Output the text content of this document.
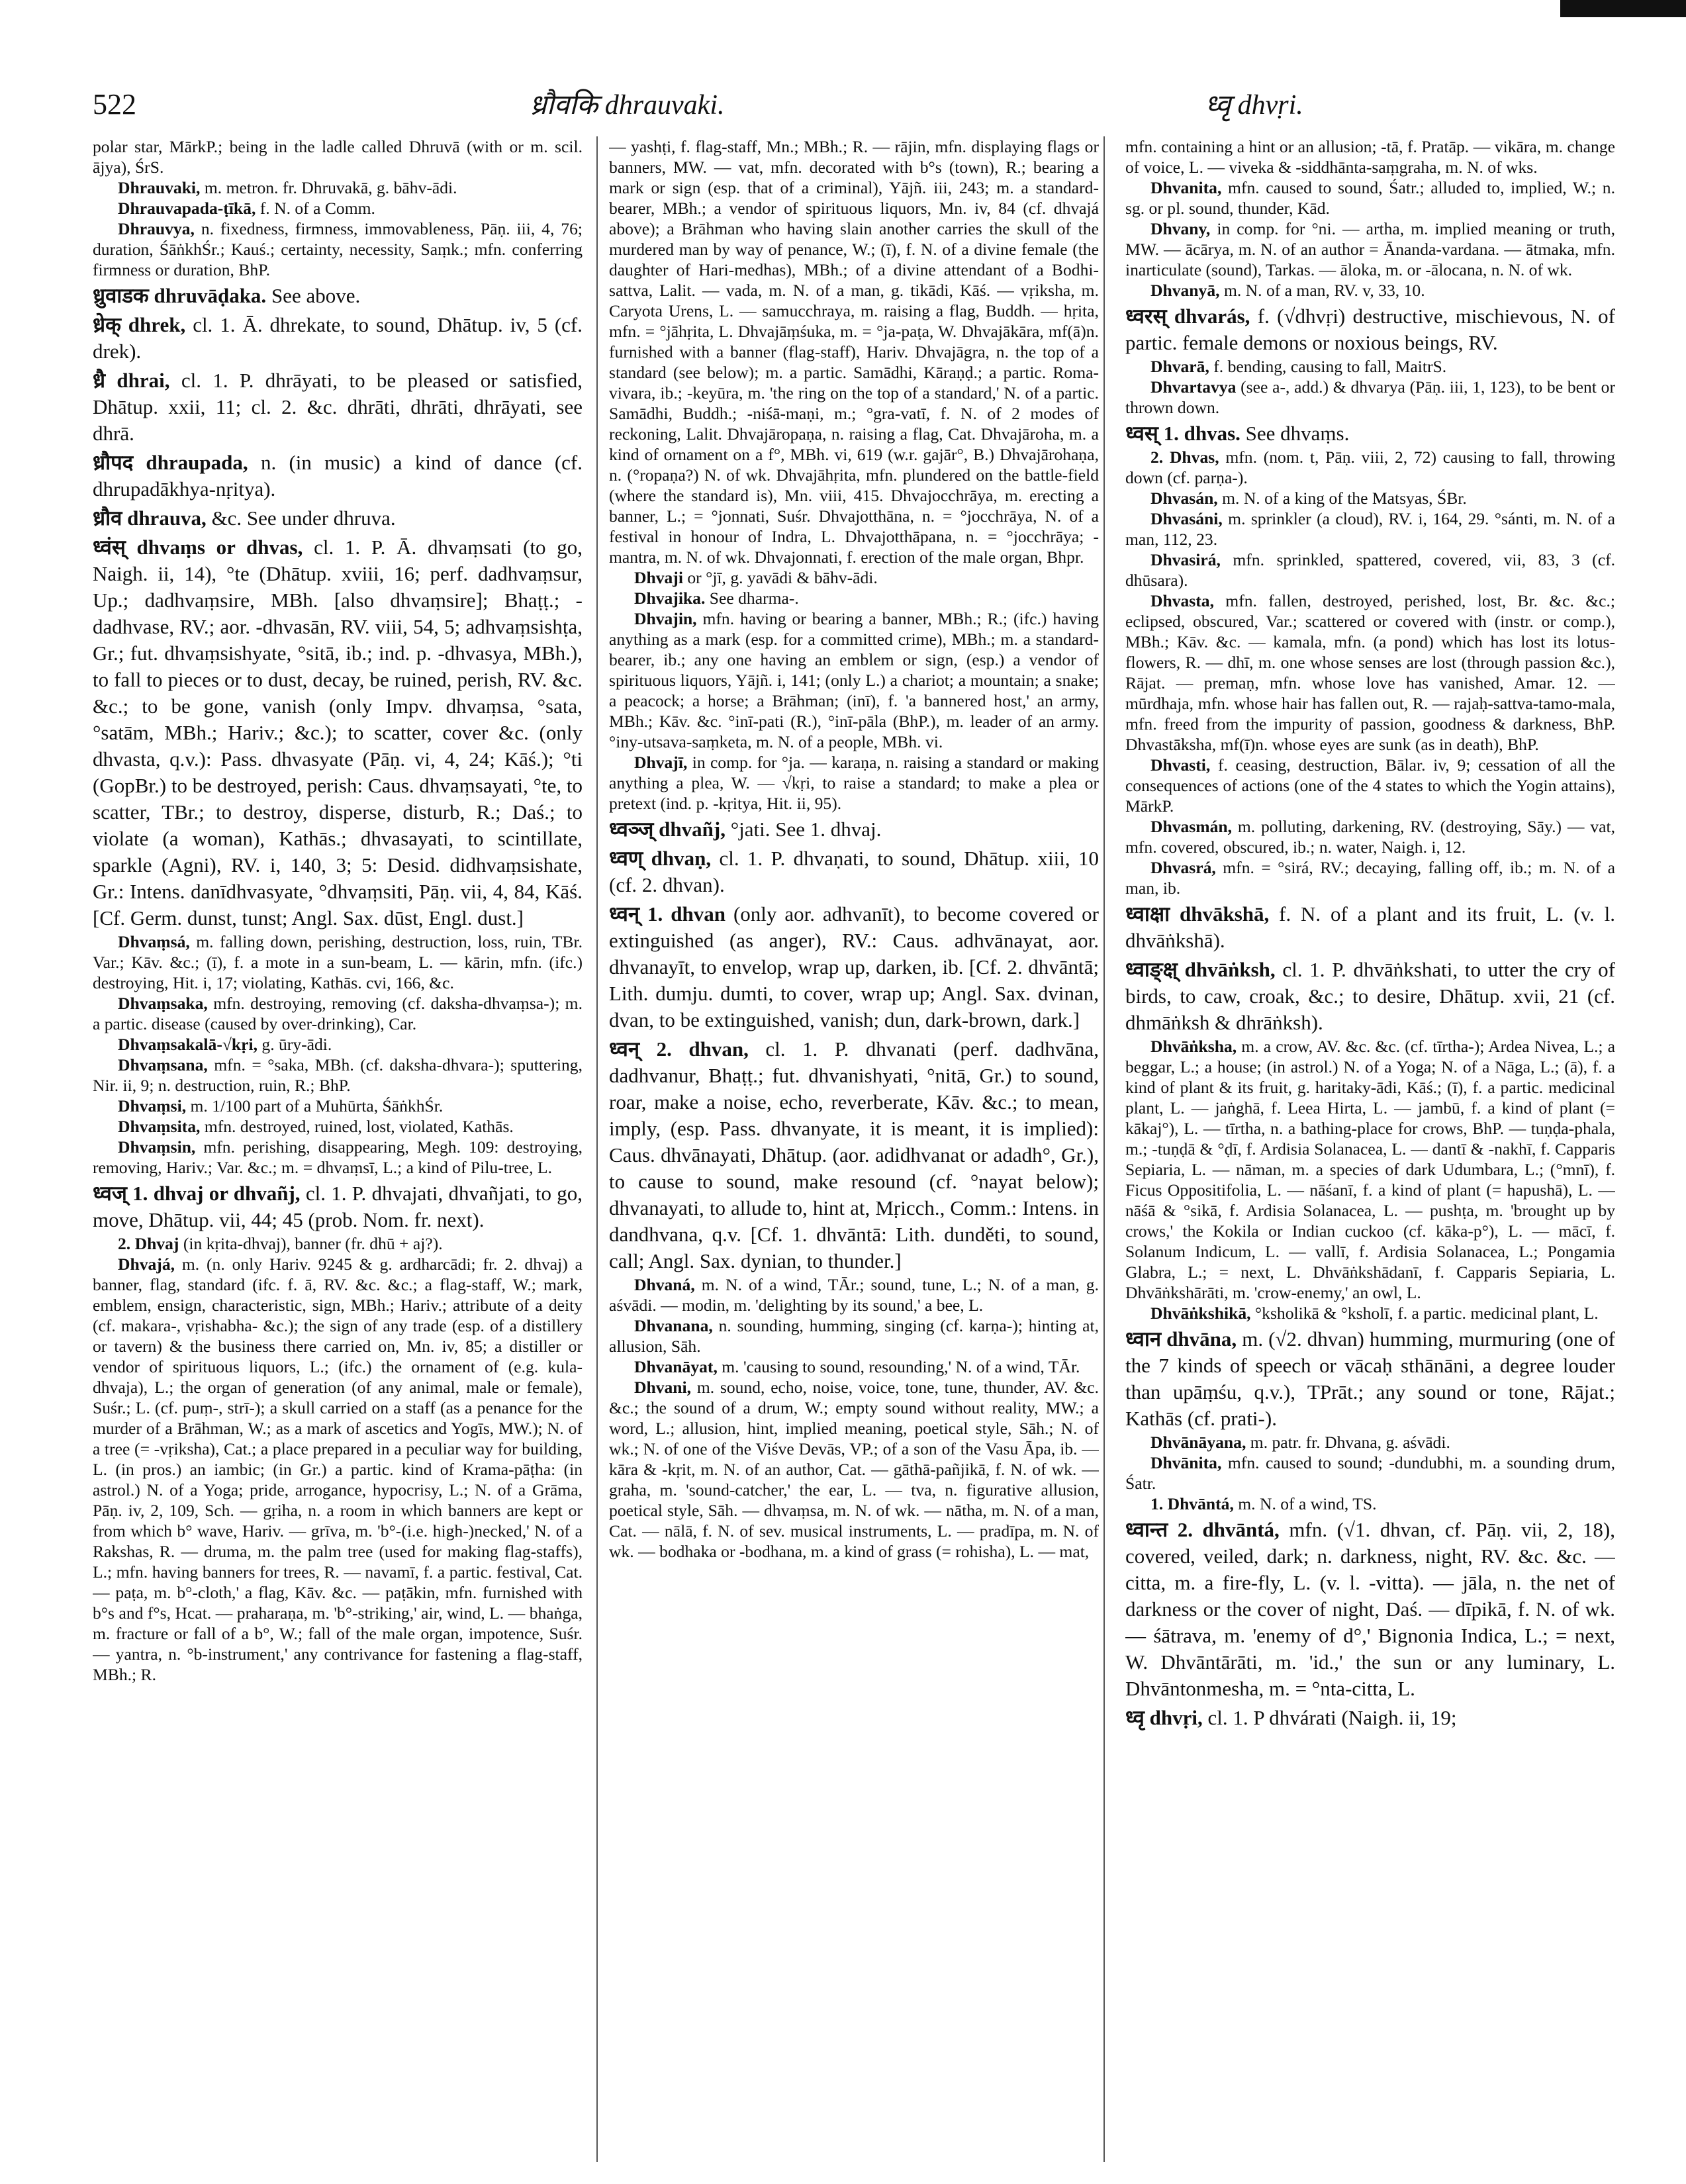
522	ध्रौवकि dhrauvaki.	ध्वृ dhvṛi.

polar star, MārkP.; being in the ladle called Dhruvā (with or m. scil. ājya), ŚrS.

Dhrauvaki, m. metron. fr. Dhruvakā, g. bāhv-ādi.

Dhrauvapada-ṭīkā, f. N. of a Comm.

Dhrauvya, n. fixedness, firmness, immovableness, Pāṇ. iii, 4, 76; duration, ŚāṅkhŚr.; Kauś.; certainty, necessity, Saṃk.; mfn. conferring firmness or duration, BhP.

ध्रुवाडक dhruvāḍaka. See above.

ध्रेक् dhrek, cl. 1. Ā. dhrekate, to sound, Dhātup. iv, 5 (cf. drek).

ध्रै dhrai, cl. 1. P. dhrāyati, to be pleased or satisfied, Dhātup. xxii, 11; cl. 2. &c. dhrāti, dhrāti, dhrāyati, see dhrā.

ध्रौपद dhraupada, n. (in music) a kind of dance (cf. dhrupadākhya-nṛitya).

ध्रौव dhrauva, &c. See under dhruva.

ध्वंस् dhvaṃs or dhvas, cl. 1. P. Ā. dhvaṃsati (to go, Naigh. ii, 14), °te (Dhātup. xviii, 16; perf. dadhvaṃsur, Up.; dadhvaṃsire, MBh. [also dhvaṃsire]; Bhaṭṭ.; -dadhvase, RV.; aor. -dhvasān, RV. viii, 54, 5; adhvaṃsishṭa, Gr.; fut. dhvaṃsishyate, °sitā, ib.; ind. p. -dhvasya, MBh.), to fall to pieces or to dust, decay, be ruined, perish, RV. &c. &c.; to be gone, vanish (only Impv. dhvaṃsa, °sata, °satām, MBh.; Hariv.; &c.); to scatter, cover &c. (only dhvasta, q.v.): Pass. dhvasyate (Pāṇ. vi, 4, 24; Kāś.); °ti (GopBr.) to be destroyed, perish: Caus. dhvaṃsayati, °te, to scatter, TBr.; to destroy, disperse, disturb, R.; Daś.; to violate (a woman), Kathās.; dhvasayati, to scintillate, sparkle (Agni), RV. i, 140, 3; 5: Desid. didhvaṃsishate, Gr.: Intens. danīdhvasyate, °dhvaṃsiti, Pāṇ. vii, 4, 84, Kāś. [Cf. Germ. dunst, tunst; Angl. Sax. dūst, Engl. dust.]

Dhvaṃsá, m. falling down, perishing, destruction, loss, ruin, TBr. Var.; Kāv. &c.; (ī), f. a mote in a sun-beam, L. — kārin, mfn. (ifc.) destroying, Hit. i, 17; violating, Kathās. cvi, 166, &c.

Dhvaṃsaka, mfn. destroying, removing (cf. daksha-dhvaṃsa-); m. a partic. disease (caused by over-drinking), Car.

Dhvaṃsakalā-√kṛi, g. ūry-ādi.

Dhvaṃsana, mfn. = °saka, MBh. (cf. daksha-dhvara-); sputtering, Nir. ii, 9; n. destruction, ruin, R.; BhP.

Dhvaṃsi, m. 1/100 part of a Muhūrta, ŚāṅkhŚr.

Dhvaṃsita, mfn. destroyed, ruined, lost, violated, Kathās.

Dhvaṃsin, mfn. perishing, disappearing, Megh. 109: destroying, removing, Hariv.; Var. &c.; m. = dhvaṃsī, L.; a kind of Pilu-tree, L.

ध्वज् 1. dhvaj or dhvañj, cl. 1. P. dhvajati, dhvañjati, to go, move, Dhātup. vii, 44; 45 (prob. Nom. fr. next).

2. Dhvaj (in kṛita-dhvaj), banner (fr. dhū + aj?).

Dhvajá, m. (n. only Hariv. 9245 & g. ardharcādi; fr. 2. dhvaj) a banner, flag, standard (ifc. f. ā, RV. &c. &c.; a flag-staff, W.; mark, emblem, ensign, characteristic, sign, MBh.; Hariv.; attribute of a deity (cf. makara-, vṛishabha- &c.); the sign of any trade (esp. of a distillery or tavern) & the business there carried on, Mn. iv, 85; a distiller or vendor of spirituous liquors, L.; (ifc.) the ornament of (e.g. kula-dhvaja), L.; the organ of generation (of any animal, male or female), Suśr.; L. (cf. puṃ-, strī-); a skull carried on a staff (as a penance for the murder of a Brāhman, W.; as a mark of ascetics and Yogīs, MW.); N. of a tree (= -vṛiksha), Cat.; a place prepared in a peculiar way for building, L. (in pros.) an iambic; (in Gr.) a partic. kind of Krama-pāṭha: (in astrol.) N. of a Yoga; pride, arrogance, hypocrisy, L.; N. of a Grāma, Pāṇ. iv, 2, 109, Sch. — gṛiha, n. a room in which banners are kept or from which b° wave, Hariv. — grīva, m. 'b°-(i.e. high-)necked,' N. of a Rakshas, R. — druma, m. the palm tree (used for making flag-staffs), L.; mfn. having banners for trees, R. — navamī, f. a partic. festival, Cat. — paṭa, m. b°-cloth,' a flag, Kāv. &c. — paṭākin, mfn. furnished with b°s and f°s, Hcat. — praharaṇa, m. 'b°-striking,' air, wind, L. — bhaṅga, m. fracture or fall of a b°, W.; fall of the male organ, impotence, Suśr. — yantra, n. °b-instrument,' any contrivance for fastening a flag-staff, MBh.; R.

— yashṭi, f. flag-staff, Mn.; MBh.; R. — rājin, mfn. displaying flags or banners, MW. — vat, mfn. decorated with b°s (town), R.; bearing a mark or sign (esp. that of a criminal), Yājñ. iii, 243; m. a standard-bearer, MBh.; a vendor of spirituous liquors, Mn. iv, 84 (cf. dhvajá above); a Brāhman who having slain another carries the skull of the murdered man by way of penance, W.; (ī), f. N. of a divine female (the daughter of Hari-medhas), MBh.; of a divine attendant of a Bodhi-sattva, Lalit. — vada, m. N. of a man, g. tikādi, Kāś. — vṛiksha, m. Caryota Urens, L. — samucchraya, m. raising a flag, Buddh. — hṛita, mfn. = °jāhṛita, L. Dhvajāṃśuka, m. = °ja-paṭa, W. Dhvajākāra, mf(ā)n. furnished with a banner (flag-staff), Hariv. Dhvajāgra, n. the top of a standard (see below); m. a partic. Samādhi, Kāraṇḍ.; a partic. Roma-vivara, ib.; -keyūra, m. 'the ring on the top of a standard,' N. of a partic. Samādhi, Buddh.; -niśā-maṇi, m.; °gra-vatī, f. N. of 2 modes of reckoning, Lalit. Dhvajāropaṇa, n. raising a flag, Cat. Dhvajāroha, m. a kind of ornament on a f°, MBh. vi, 619 (w.r. gajār°, B.) Dhvajārohaṇa, n. (°ropaṇa?) N. of wk. Dhvajāhṛita, mfn. plundered on the battle-field (where the standard is), Mn. viii, 415. Dhvajocchrāya, m. erecting a banner, L.; = °jonnati, Suśr. Dhvajotthāna, n. = °jocchrāya, N. of a festival in honour of Indra, L. Dhvajotthāpana, n. = °jocchrāya; -mantra, m. N. of wk. Dhvajonnati, f. erection of the male organ, Bhpr.

Dhvaji or °jī, g. yavādi & bāhv-ādi.

Dhvajika. See dharma-.

Dhvajin, mfn. having or bearing a banner, MBh.; R.; (ifc.) having anything as a mark (esp. for a committed crime), MBh.; m. a standard-bearer, ib.; any one having an emblem or sign, (esp.) a vendor of spirituous liquors, Yājñ. i, 141; (only L.) a chariot; a mountain; a snake; a peacock; a horse; a Brāhman; (inī), f. 'a bannered host,' an army, MBh.; Kāv. &c. °inī-pati (R.), °inī-pāla (BhP.), m. leader of an army. °iny-utsava-saṃketa, m. N. of a people, MBh. vi.

Dhvajī, in comp. for °ja. — karaṇa, n. raising a standard or making anything a plea, W. — √kṛi, to raise a standard; to make a plea or pretext (ind. p. -kṛitya, Hit. ii, 95).

ध्वञ्ज् dhvañj, °jati. See 1. dhvaj.

ध्वण् dhvaṇ, cl. 1. P. dhvaṇati, to sound, Dhātup. xiii, 10 (cf. 2. dhvan).

ध्वन् 1. dhvan (only aor. adhvanīt), to become covered or extinguished (as anger), RV.: Caus. adhvānayat, aor. dhvanayīt, to envelop, wrap up, darken, ib. [Cf. 2. dhvāntā; Lith. dumju. dumti, to cover, wrap up; Angl. Sax. dvinan, dvan, to be extinguished, vanish; dun, dark-brown, dark.]

ध्वन् 2. dhvan, cl. 1. P. dhvanati (perf. dadhvāna, dadhvanur, Bhaṭṭ.; fut. dhvanishyati, °nitā, Gr.) to sound, roar, make a noise, echo, reverberate, Kāv. &c.; to mean, imply, (esp. Pass. dhvanyate, it is meant, it is implied): Caus. dhvānayati, Dhātup. (aor. adidhvanat or adadh°, Gr.), to cause to sound, make resound (cf. °nayat below); dhvanayati, to allude to, hint at, Mṛicch., Comm.: Intens. in dandhvana, q.v. [Cf. 1. dhvāntā: Lith. dunděti, to sound, call; Angl. Sax. dynian, to thunder.]

Dhvaná, m. N. of a wind, TĀr.; sound, tune, L.; N. of a man, g. aśvādi. — modin, m. 'delighting by its sound,' a bee, L.

Dhvanana, n. sounding, humming, singing (cf. karṇa-); hinting at, allusion, Sāh.

Dhvanāyat, m. 'causing to sound, resounding,' N. of a wind, TĀr.

Dhvani, m. sound, echo, noise, voice, tone, tune, thunder, AV. &c. &c.; the sound of a drum, W.; empty sound without reality, MW.; a word, L.; allusion, hint, implied meaning, poetical style, Sāh.; N. of wk.; N. of one of the Viśve Devās, VP.; of a son of the Vasu Āpa, ib. — kāra & -kṛit, m. N. of an author, Cat. — gāthā-pañjikā, f. N. of wk. — graha, m. 'sound-catcher,' the ear, L. — tva, n. figurative allusion, poetical style, Sāh. — dhvaṃsa, m. N. of wk. — nātha, m. N. of a man, Cat. — nālā, f. N. of sev. musical instruments, L. — pradīpa, m. N. of wk. — bodhaka or -bodhana, m. a kind of grass (= rohisha), L. — mat,

mfn. containing a hint or an allusion; -tā, f. Pratāp. — vikāra, m. change of voice, L. — viveka & -siddhānta-saṃgraha, m. N. of wks.

Dhvanita, mfn. caused to sound, Śatr.; alluded to, implied, W.; n. sg. or pl. sound, thunder, Kād.

Dhvany, in comp. for °ni. — artha, m. implied meaning or truth, MW. — ācārya, m. N. of an author = Ānanda-vardana. — ātmaka, mfn. inarticulate (sound), Tarkas. — āloka, m. or -ālocana, n. N. of wk.

Dhvanyā, m. N. of a man, RV. v, 33, 10.

ध्वरस् dhvarás, f. (√dhvṛi) destructive, mischievous, N. of partic. female demons or noxious beings, RV.

Dhvarā, f. bending, causing to fall, MaitrS.

Dhvartavya (see a-, add.) & dhvarya (Pāṇ. iii, 1, 123), to be bent or thrown down.

ध्वस् 1. dhvas. See dhvaṃs.

2. Dhvas, mfn. (nom. t, Pāṇ. viii, 2, 72) causing to fall, throwing down (cf. parṇa-).

Dhvasán, m. N. of a king of the Matsyas, ŚBr.

Dhvasáni, m. sprinkler (a cloud), RV. i, 164, 29. °sánti, m. N. of a man, 112, 23.

Dhvasirá, mfn. sprinkled, spattered, covered, vii, 83, 3 (cf. dhūsara).

Dhvasta, mfn. fallen, destroyed, perished, lost, Br. &c. &c.; eclipsed, obscured, Var.; scattered or covered with (instr. or comp.), MBh.; Kāv. &c. — kamala, mfn. (a pond) which has lost its lotus-flowers, R. — dhī, m. one whose senses are lost (through passion &c.), Rājat. — premaṇ, mfn. whose love has vanished, Amar. 12. — mūrdhaja, mfn. whose hair has fallen out, R. — rajaḥ-sattva-tamo-mala, mfn. freed from the impurity of passion, goodness & darkness, BhP. Dhvastāksha, mf(ī)n. whose eyes are sunk (as in death), BhP.

Dhvasti, f. ceasing, destruction, Bālar. iv, 9; cessation of all the consequences of actions (one of the 4 states to which the Yogin attains), MārkP.

Dhvasmán, m. polluting, darkening, RV. (destroying, Sāy.) — vat, mfn. covered, obscured, ib.; n. water, Naigh. i, 12.

Dhvasrá, mfn. = °sirá, RV.; decaying, falling off, ib.; m. N. of a man, ib.

ध्वाक्षा dhvākshā, f. N. of a plant and its fruit, L. (v. l. dhvāṅkshā).

ध्वाङ्क्ष् dhvāṅksh, cl. 1. P. dhvāṅkshati, to utter the cry of birds, to caw, croak, &c.; to desire, Dhātup. xvii, 21 (cf. dhmāṅksh & dhrāṅksh).

Dhvāṅksha, m. a crow, AV. &c. &c. (cf. tīrtha-); Ardea Nivea, L.; a beggar, L.; a house; (in astrol.) N. of a Yoga; N. of a Nāga, L.; (ā), f. a kind of plant & its fruit, g. haritaky-ādi, Kāś.; (ī), f. a partic. medicinal plant, L. — jaṅghā, f. Leea Hirta, L. — jambū, f. a kind of plant (= kākaj°), L. — tīrtha, n. a bathing-place for crows, BhP. — tuṇḍa-phala, m.; -tuṇḍā & °ḍī, f. Ardisia Solanacea, L. — dantī & -nakhī, f. Capparis Sepiaria, L. — nāman, m. a species of dark Udumbara, L.; (°mnī), f. Ficus Oppositifolia, L. — nāśanī, f. a kind of plant (= hapushā), L. — nāśā & °sikā, f. Ardisia Solanacea, L. — pushṭa, m. 'brought up by crows,' the Kokila or Indian cuckoo (cf. kāka-p°), L. — mācī, f. Solanum Indicum, L. — vallī, f. Ardisia Solanacea, L.; Pongamia Glabra, L.; = next, L. Dhvāṅkshādanī, f. Capparis Sepiaria, L. Dhvāṅkshārāti, m. 'crow-enemy,' an owl, L.

Dhvāṅkshikā, °ksholikā & °ksholī, f. a partic. medicinal plant, L.

ध्वान dhvāna, m. (√2. dhvan) humming, murmuring (one of the 7 kinds of speech or vācaḥ sthānāni, a degree louder than upāṃśu, q.v.), TPrāt.; any sound or tone, Rājat.; Kathās (cf. prati-).

Dhvānāyana, m. patr. fr. Dhvana, g. aśvādi.

Dhvānita, mfn. caused to sound; -dundubhi, m. a sounding drum, Śatr.

1. Dhvāntá, m. N. of a wind, TS.

ध्वान्त 2. dhvāntá, mfn. (√1. dhvan, cf. Pāṇ. vii, 2, 18), covered, veiled, dark; n. darkness, night, RV. &c. &c. — citta, m. a fire-fly, L. (v. l. -vitta). — jāla, n. the net of darkness or the cover of night, Daś. — dīpikā, f. N. of wk. — śātrava, m. 'enemy of d°,' Bignonia Indica, L.; = next, W. Dhvāntārāti, m. 'id.,' the sun or any luminary, L. Dhvāntonmesha, m. = °nta-citta, L.

ध्वृ dhvṛi, cl. 1. P dhvárati (Naigh. ii, 19;
